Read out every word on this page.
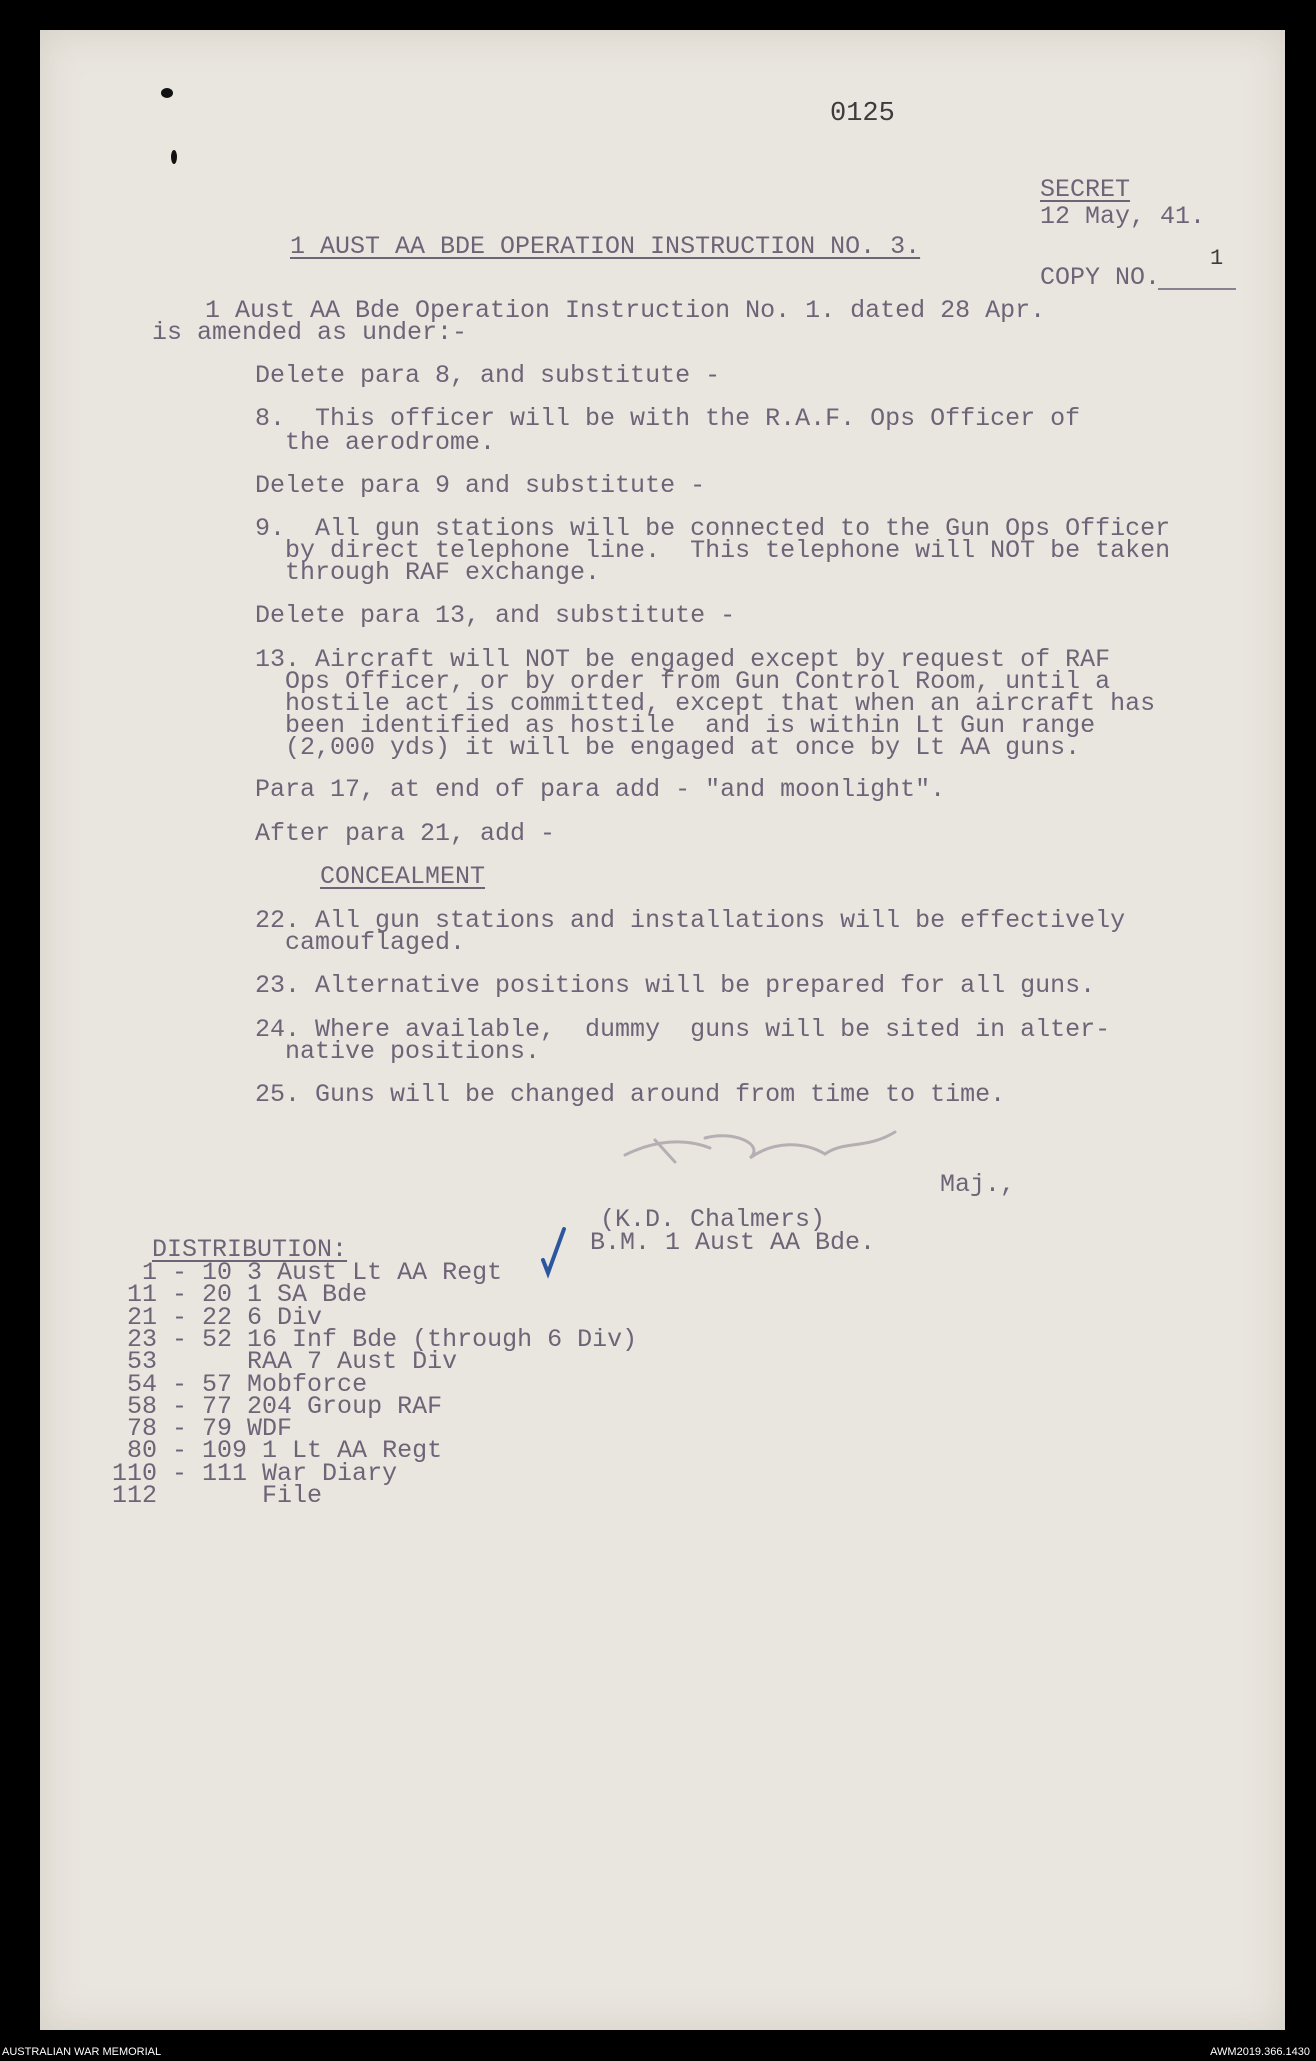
0125
SECRET
12 May, 41.
1 AUST AA BDE OPERATION INSTRUCTION NO. 3.
COPY NO.
1
1 Aust AA Bde Operation Instruction No. 1. dated 28 Apr.
is amended as under:-
Delete para 8, and substitute -
8.  This officer will be with the R.A.F. Ops Officer of
the aerodrome.
Delete para 9 and substitute -
9.  All gun stations will be connected to the Gun Ops Officer
by direct telephone line.  This telephone will NOT be taken
through RAF exchange.
Delete para 13, and substitute -
13. Aircraft will NOT be engaged except by request of RAF
Ops Officer, or by order from Gun Control Room, until a
hostile act is committed, except that when an aircraft has
been identified as hostile  and is within Lt Gun range
(2,000 yds) it will be engaged at once by Lt AA guns.
Para 17, at end of para add - "and moonlight".
After para 21, add -
CONCEALMENT
22. All gun stations and installations will be effectively
camouflaged.
23. Alternative positions will be prepared for all guns.
24. Where available,  dummy  guns will be sited in alter-
native positions.
25. Guns will be changed around from time to time.
Maj.,
(K.D. Chalmers)
B.M. 1 Aust AA Bde.
DISTRIBUTION:
1 - 10 3 Aust Lt AA Regt
11 - 20 1 SA Bde
21 - 22 6 Div
23 - 52 16 Inf Bde (through 6 Div)
53      RAA 7 Aust Div
54 - 57 Mobforce
58 - 77 204 Group RAF
78 - 79 WDF
80 - 109 1 Lt AA Regt
110 - 111 War Diary
112       File
AUSTRALIAN WAR MEMORIAL	AWM2019.366.1430
